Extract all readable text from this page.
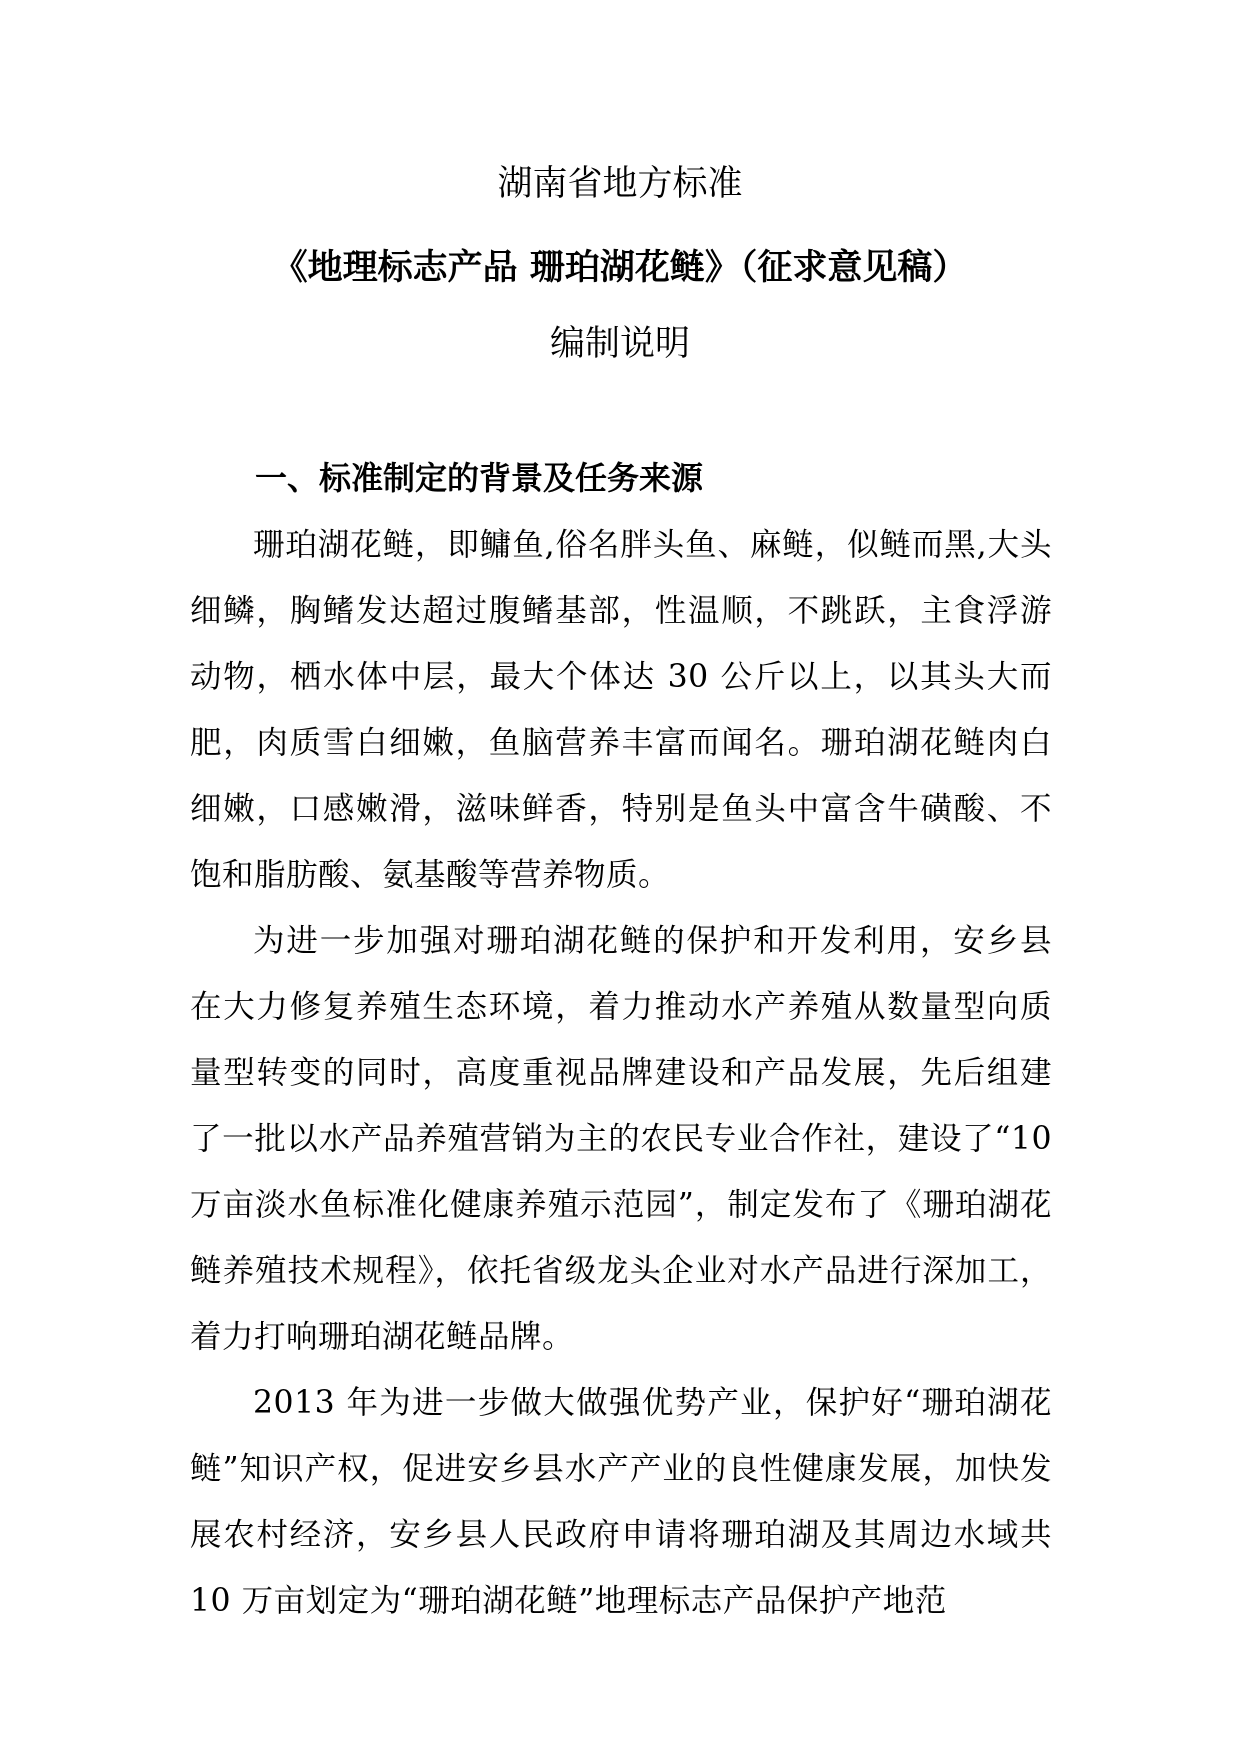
湖南省地方标准
《地理标志产品 珊珀湖花鲢》（征求意见稿）
编制说明
一、标准制定的背景及任务来源

珊珀湖花鲢，即鳙鱼,俗名胖头鱼、麻鲢，似鲢而黑,大头细鳞，胸鳍发达超过腹鳍基部，性温顺，不跳跃，主食浮游动物，栖水体中层，最大个体达 30 公斤以上，以其头大而肥，肉质雪白细嫩，鱼脑营养丰富而闻名。珊珀湖花鲢肉白细嫩，口感嫩滑，滋味鲜香，特别是鱼头中富含牛磺酸、不饱和脂肪酸、氨基酸等营养物质。

为进一步加强对珊珀湖花鲢的保护和开发利用，安乡县在大力修复养殖生态环境，着力推动水产养殖从数量型向质量型转变的同时，高度重视品牌建设和产品发展，先后组建了一批以水产品养殖营销为主的农民专业合作社，建设了“10 万亩淡水鱼标准化健康养殖示范园”，制定发布了《珊珀湖花鲢养殖技术规程》，依托省级龙头企业对水产品进行深加工，着力打响珊珀湖花鲢品牌。

2013 年为进一步做大做强优势产业，保护好“珊珀湖花鲢”知识产权，促进安乡县水产产业的良性健康发展，加快发展农村经济，安乡县人民政府申请将珊珀湖及其周边水域共 10 万亩划定为“珊珀湖花鲢”地理标志产品保护产地范
